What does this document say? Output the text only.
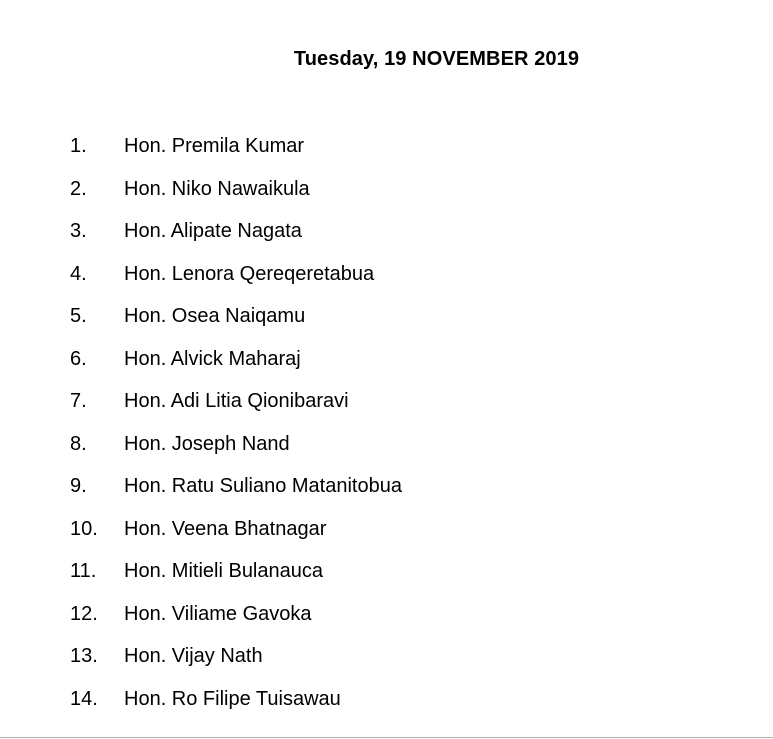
Tuesday, 19 NOVEMBER 2019
1.	Hon. Premila Kumar
2.	Hon. Niko Nawaikula
3.	Hon. Alipate Nagata
4.	Hon. Lenora Qereqeretabua
5.	Hon. Osea Naiqamu
6.	Hon. Alvick Maharaj
7.	Hon. Adi Litia Qionibaravi
8.	Hon. Joseph Nand
9.	Hon. Ratu Suliano Matanitobua
10.	Hon. Veena Bhatnagar
11.	Hon. Mitieli Bulanauca
12.	Hon. Viliame Gavoka
13.	Hon. Vijay Nath
14.	Hon. Ro Filipe Tuisawau
